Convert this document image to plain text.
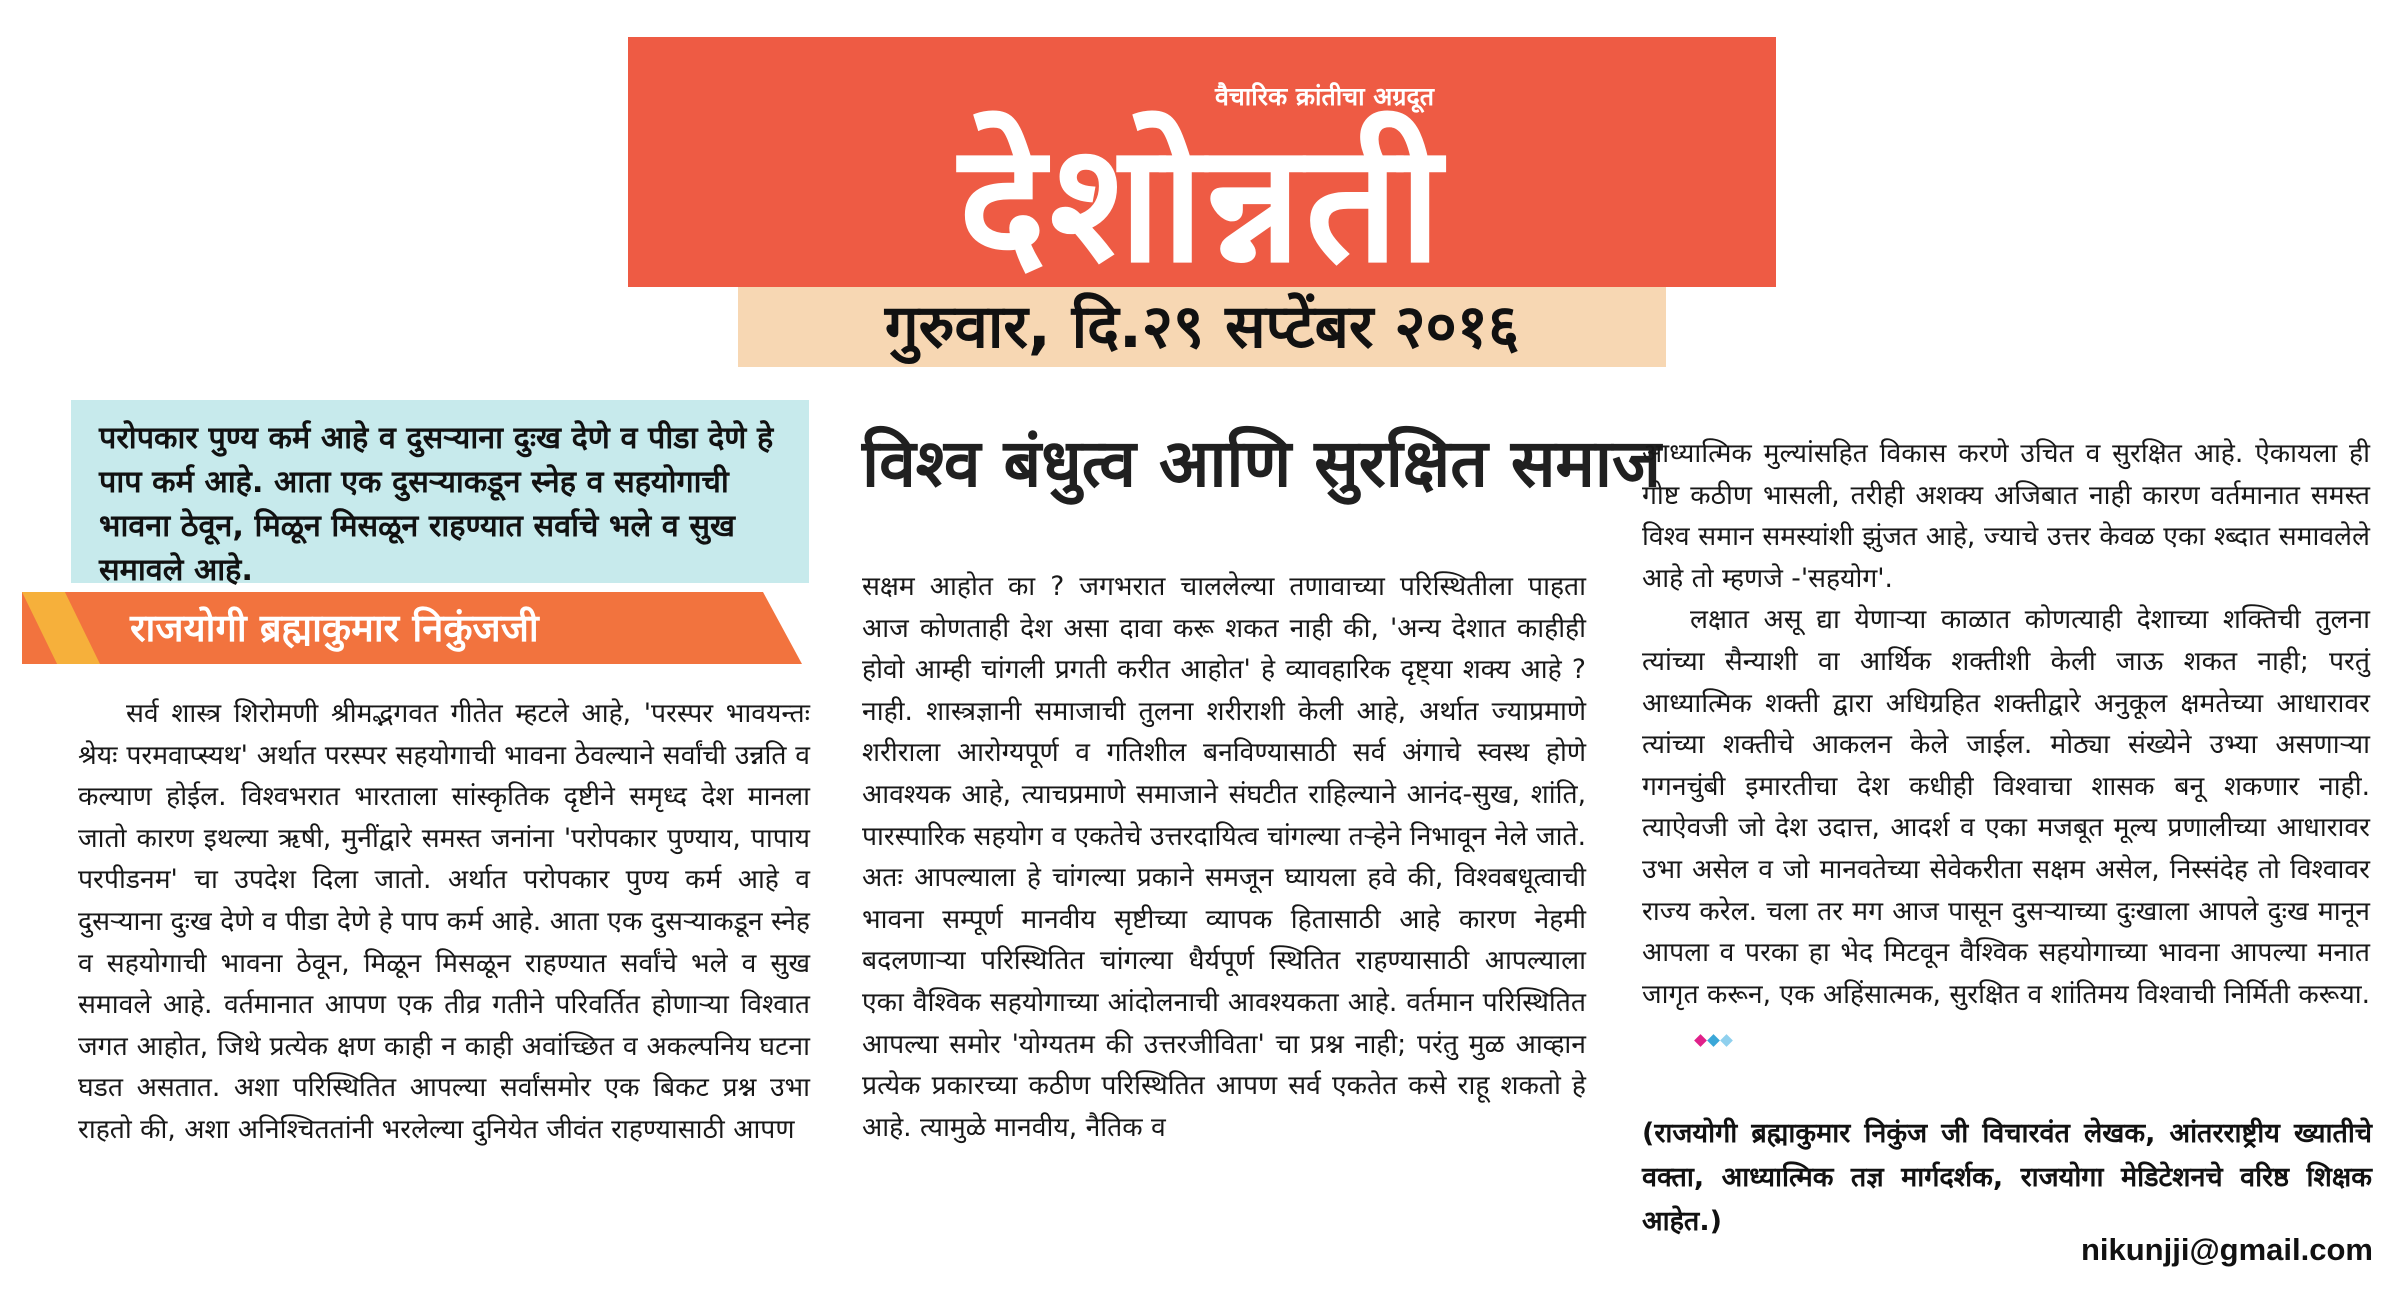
वैचारिक क्रांतीचा अग्रदूत
देशोन्नती
गुरुवार, दि.२९ सप्टेंबर २०१६
परोपकार पुण्य कर्म आहे व दुसऱ्याना दुःख देणे व पीडा देणे हे पाप कर्म आहे. आता एक दुसऱ्याकडून स्नेह व सहयोगाची भावना ठेवून, मिळून मिसळून राहण्यात सर्वाचे भले व सुख समावले आहे.
राजयोगी ब्रह्माकुमार निकुंजजी

सर्व शास्त्र शिरोमणी श्रीमद्भगवत गीतेत म्हटले आहे, 'परस्पर भावयन्तः श्रेयः परमवाप्स्यथ' अर्थात परस्पर सहयोगाची भावना ठेवल्याने सर्वांची उन्नति व कल्याण होईल. विश्वभरात भारताला सांस्कृतिक दृष्टीने समृध्द देश मानला जातो कारण इथल्या ऋषी, मुनींद्वारे समस्त जनांना 'परोपकार पुण्याय, पापाय परपीडनम' चा उपदेश दिला जातो. अर्थात परोपकार पुण्य कर्म आहे व दुसऱ्याना दुःख देणे व पीडा देणे हे पाप कर्म आहे. आता एक दुसऱ्याकडून स्नेह व सहयोगाची भावना ठेवून, मिळून मिसळून राहण्यात सर्वांचे भले व सुख समावले आहे. वर्तमानात आपण एक तीव्र गतीने परिवर्तित होणाऱ्या विश्वात जगत आहोत, जिथे प्रत्येक क्षण काही न काही अवांच्छित व अकल्पनिय घटना घडत असतात. अशा परिस्थितित आपल्या सर्वांसमोर एक बिकट प्रश्न उभा राहतो की, अशा अनिश्चिततांनी भरलेल्या दुनियेत जीवंत राहण्यासाठी आपण

विश्व बंधुत्व आणि सुरक्षित समाज

सक्षम आहोत का ? जगभरात चाललेल्या तणावाच्या परिस्थितीला पाहता आज कोणताही देश असा दावा करू शकत नाही की, 'अन्य देशात काहीही होवो आम्ही चांगली प्रगती करीत आहोत' हे व्यावहारिक दृष्ट्या शक्य आहे ? नाही. शास्त्रज्ञानी समाजाची तुलना शरीराशी केली आहे, अर्थात ज्याप्रमाणे शरीराला आरोग्यपूर्ण व गतिशील बनविण्यासाठी सर्व अंगाचे स्वस्थ होणे आवश्यक आहे, त्याचप्रमाणे समाजाने संघटीत राहिल्याने आनंद-सुख, शांति, पारस्पारिक सहयोग व एकतेचे उत्तरदायित्व चांगल्या तऱ्हेने निभावून नेले जाते. अतः आपल्याला हे चांगल्या प्रकाने समजून घ्यायला हवे की, विश्वबधूत्वाची भावना सम्पूर्ण मानवीय सृष्टीच्या व्यापक हितासाठी आहे कारण नेहमी बदलणाऱ्या परिस्थितित चांगल्या धैर्यपूर्ण स्थितित राहण्यासाठी आपल्याला एका वैश्विक सहयोगाच्या आंदोलनाची आवश्यकता आहे. वर्तमान परिस्थितित आपल्या समोर 'योग्यतम की उत्तरजीविता' चा प्रश्न नाही; परंतु मुळ आव्हान प्रत्येक प्रकारच्या कठीण परिस्थितित आपण सर्व एकतेत कसे राहू शकतो हे आहे. त्यामुळे मानवीय, नैतिक व

आध्यात्मिक मुल्यांसहित विकास करणे उचित व सुरक्षित आहे. ऐकायला ही गोष्ट कठीण भासली, तरीही अशक्य अजिबात नाही कारण वर्तमानात समस्त विश्व समान समस्यांशी झुंजत आहे, ज्याचे उत्तर केवळ एका श्ब्दात समावलेले आहे तो म्हणजे -'सहयोग'.

लक्षात असू द्या येणाऱ्या काळात कोणत्याही देशाच्या शक्तिची तुलना त्यांच्या सैन्याशी वा आर्थिक शक्तीशी केली जाऊ शकत नाही; परतुं आध्यात्मिक शक्ती द्वारा अधिग्रहित शक्तीद्वारे अनुकूल क्षमतेच्या आधारावर त्यांच्या शक्तीचे आकलन केले जाईल. मोठ्या संख्येने उभ्या असणाऱ्या गगनचुंबी इमारतीचा देश कधीही विश्वाचा शासक बनू शकणार नाही. त्याऐवजी जो देश उदात्त, आदर्श व एका मजबूत मूल्य प्रणालीच्या आधारावर उभा असेल व जो मानवतेच्या सेवेकरीता सक्षम असेल, निस्संदेह तो विश्वावर राज्य करेल. चला तर मग आज पासून दुसऱ्याच्या दुःखाला आपले दुःख मानून आपला व परका हा भेद मिटवून वैश्विक सहयोगाच्या भावना आपल्या मनात जागृत करून, एक अहिंसात्मक, सुरक्षित व शांतिमय विश्वाची निर्मिती करूया.

(राजयोगी ब्रह्माकुमार निकुंज जी विचारवंत लेखक, आंतरराष्ट्रीय ख्यातीचे वक्ता, आध्यात्मिक तज्ञ मार्गदर्शक, राजयोगा मेडिटेशनचे वरिष्ठ शिक्षक आहेत.)
nikunjji@gmail.com
